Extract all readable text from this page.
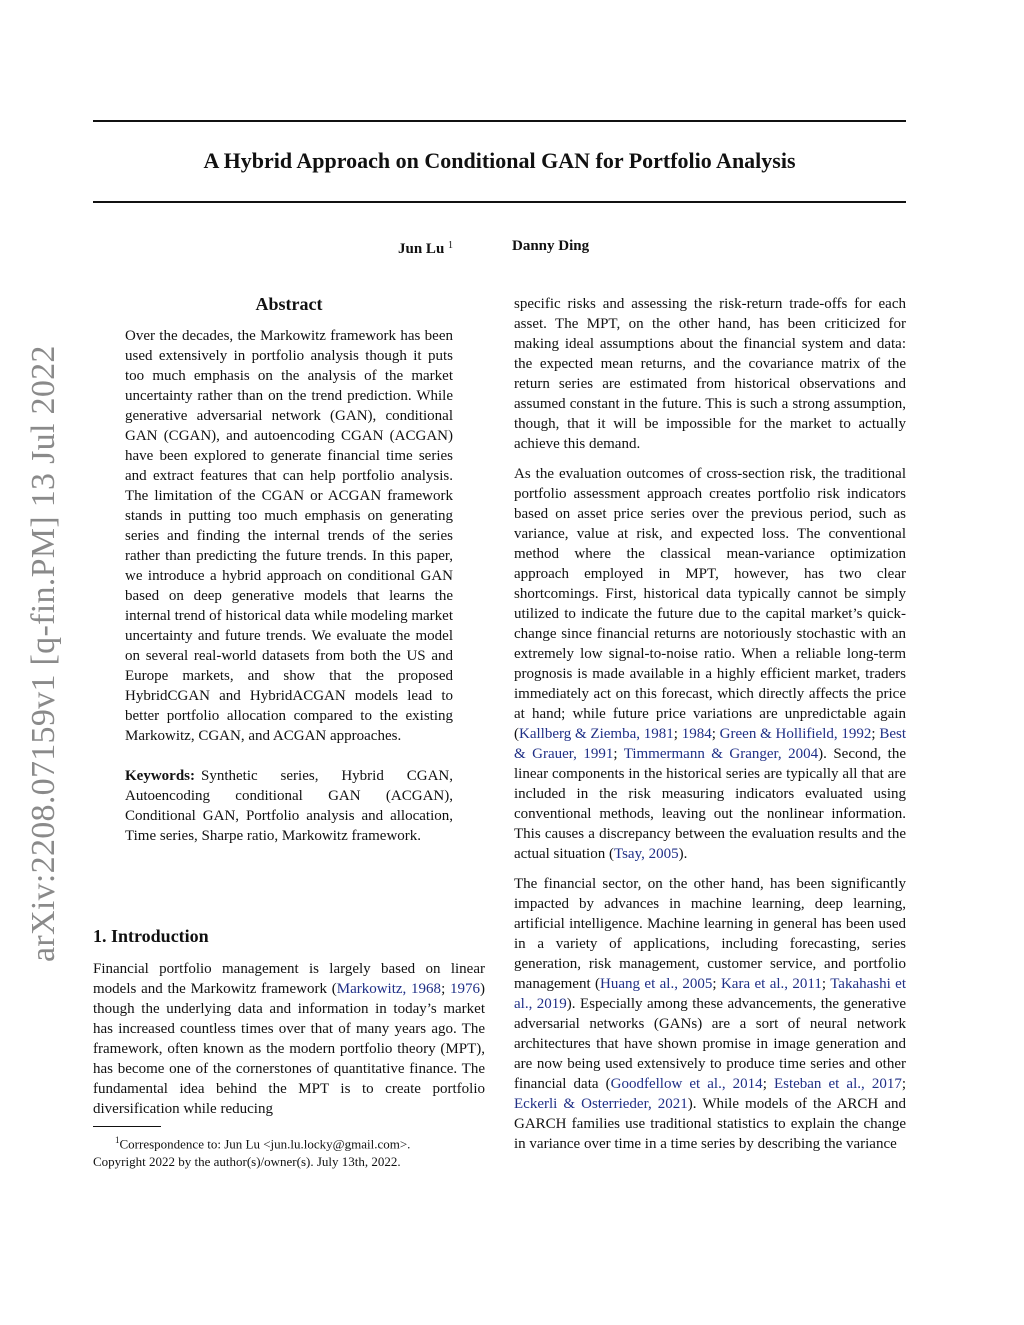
arXiv:2208.07159v1 [q-fin.PM] 13 Jul 2022
A Hybrid Approach on Conditional GAN for Portfolio Analysis
Jun Lu $^1$	Danny Ding
Abstract

Over the decades, the Markowitz framework has been used extensively in portfolio analysis though it puts too much emphasis on the analysis of the market uncertainty rather than on the trend prediction. While generative adversarial network (GAN), conditional GAN (CGAN), and autoencoding CGAN (ACGAN) have been explored to generate financial time series and extract features that can help portfolio analysis. The limitation of the CGAN or ACGAN framework stands in putting too much emphasis on generating series and finding the internal trends of the series rather than predicting the future trends. In this paper, we introduce a hybrid approach on conditional GAN based on deep generative models that learns the internal trend of historical data while modeling market uncertainty and future trends. We evaluate the model on several real-world datasets from both the US and Europe markets, and show that the proposed HybridCGAN and HybridACGAN models lead to better portfolio allocation compared to the existing Markowitz, CGAN, and ACGAN approaches.

Keywords: Synthetic series, Hybrid CGAN, Autoencoding conditional GAN (ACGAN), Conditional GAN, Portfolio analysis and allocation, Time series, Sharpe ratio, Markowitz framework.

1. Introduction

Financial portfolio management is largely based on linear models and the Markowitz framework (Markowitz, 1968; 1976) though the underlying data and information in today’s market has increased countless times over that of many years ago. The framework, often known as the modern portfolio theory (MPT), has become one of the cornerstones of quantitative finance. The fundamental idea behind the MPT is to create portfolio diversification while reducing

$^1$Correspondence to: Jun Lu <jun.lu.locky@gmail.com>.

Copyright 2022 by the author(s)/owner(s). July 13th, 2022.

specific risks and assessing the risk-return trade-offs for each asset. The MPT, on the other hand, has been criticized for making ideal assumptions about the financial system and data: the expected mean returns, and the covariance matrix of the return series are estimated from historical observations and assumed constant in the future. This is such a strong assumption, though, that it will be impossible for the market to actually achieve this demand.

As the evaluation outcomes of cross-section risk, the traditional portfolio assessment approach creates portfolio risk indicators based on asset price series over the previous period, such as variance, value at risk, and expected loss. The conventional method where the classical mean-variance optimization approach employed in MPT, however, has two clear shortcomings. First, historical data typically cannot be simply utilized to indicate the future due to the capital market’s quick-change since financial returns are notoriously stochastic with an extremely low signal-to-noise ratio. When a reliable long-term prognosis is made available in a highly efficient market, traders immediately act on this forecast, which directly affects the price at hand; while future price variations are unpredictable again (Kallberg & Ziemba, 1981; 1984; Green & Hollifield, 1992; Best & Grauer, 1991; Timmermann & Granger, 2004). Second, the linear components in the historical series are typically all that are included in the risk measuring indicators evaluated using conventional methods, leaving out the nonlinear information. This causes a discrepancy between the evaluation results and the actual situation (Tsay, 2005).

The financial sector, on the other hand, has been significantly impacted by advances in machine learning, deep learning, artificial intelligence. Machine learning in general has been used in a variety of applications, including forecasting, series generation, risk management, customer service, and portfolio management (Huang et al., 2005; Kara et al., 2011; Takahashi et al., 2019). Especially among these advancements, the generative adversarial networks (GANs) are a sort of neural network architectures that have shown promise in image generation and are now being used extensively to produce time series and other financial data (Goodfellow et al., 2014; Esteban et al., 2017; Eckerli & Osterrieder, 2021). While models of the ARCH and GARCH families use traditional statistics to explain the change in variance over time in a time series by describing the variance
